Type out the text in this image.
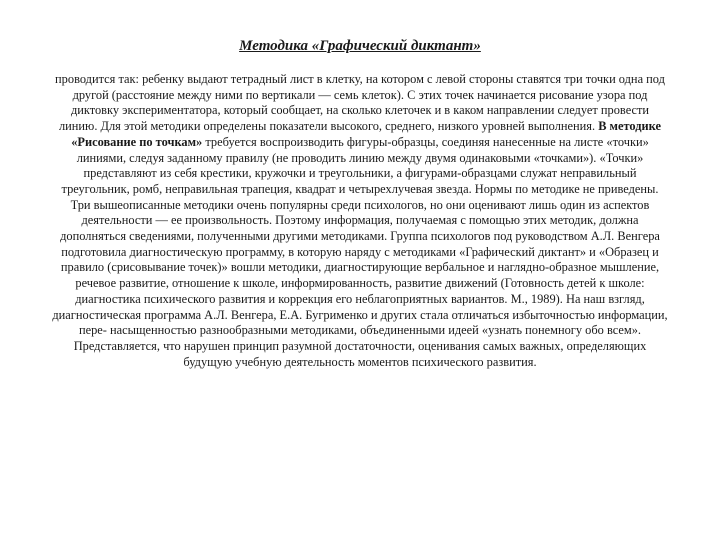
Методика «Графический диктант»

проводится так: ребенку выдают тетрадный лист в клетку, на котором с левой стороны ставятся три точки одна под другой (расстояние между ними по вертикали — семь клеток). С этих точек начинается рисование узора под диктовку экспериментатора, который сообщает, на сколько клеточек и в каком направлении следует провести линию. Для этой методики определены показатели высокого, среднего, низкого уровней выполнения. В методике «Рисование по точкам» требуется воспроизводить фигуры-образцы, соединяя нанесенные на листе «точки» линиями, следуя заданному правилу (не проводить линию между двумя одинаковыми «точками»). «Точки» представляют из себя крестики, кружочки и треугольники, а фигурами-образцами служат неправильный треугольник, ромб, неправильная трапеция, квадрат и четырехлучевая звезда. Нормы по методике не приведены. Три вышеописанные методики очень популярны среди психологов, но они оценивают лишь один из аспектов деятельности — ее произвольность. Поэтому информация, получаемая с помощью этих методик, должна дополняться сведениями, полученными другими методиками. Группа психологов под руководством А.Л. Венгера подготовила диагностическую программу, в которую наряду с методиками «Графический диктант» и «Образец и правило (срисовывание точек)» вошли методики, диагностирующие вербальное и наглядно-образное мышление, речевое развитие, отношение к школе, информированность, развитие движений (Готовность детей к школе: диагностика психического развития и коррекция его неблагоприятных вариантов. М., 1989). На наш взгляд, диагностическая программа А.Л. Венгера, Е.А. Бугрименко и других стала отличаться избыточностью информации, пере- насыщенностью разнообразными методиками, объединенными идеей «узнать понемногу обо всем». Представляется, что нарушен принцип разумной достаточности, оценивания самых важных, определяющих будущую учебную деятельность моментов психического развития.
